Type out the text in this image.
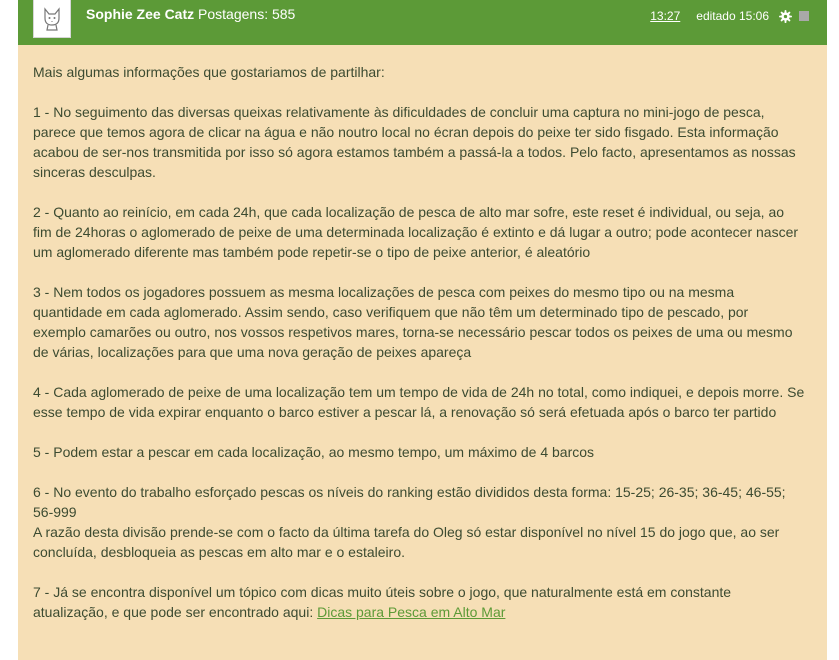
Sophie Zee Catz Postagens: 585	13:27 editado 15:06

Mais algumas informações que gostariamos de partilhar:

1 - No seguimento das diversas queixas relativamente às dificuldades de concluir uma captura no mini-jogo de pesca, parece que temos agora de clicar na água e não noutro local no écran depois do peixe ter sido fisgado. Esta informação acabou de ser-nos transmitida por isso só agora estamos também a passá-la a todos. Pelo facto, apresentamos as nossas sinceras desculpas.

2 - Quanto ao reinício, em cada 24h, que cada localização de pesca de alto mar sofre, este reset é individual, ou seja, ao fim de 24horas o aglomerado de peixe de uma determinada localização é extinto e dá lugar a outro; pode acontecer nascer um aglomerado diferente mas também pode repetir-se o tipo de peixe anterior, é aleatório

3 - Nem todos os jogadores possuem as mesma localizações de pesca com peixes do mesmo tipo ou na mesma quantidade em cada aglomerado. Assim sendo, caso verifiquem que não têm um determinado tipo de pescado, por exemplo camarões ou outro, nos vossos respetivos mares, torna-se necessário pescar todos os peixes de uma ou mesmo de várias, localizações para que uma nova geração de peixes apareça

4 - Cada aglomerado de peixe de uma localização tem um tempo de vida de 24h no total, como indiquei, e depois morre. Se esse tempo de vida expirar enquanto o barco estiver a pescar lá, a renovação só será efetuada após o barco ter partido

5 - Podem estar a pescar em cada localização, ao mesmo tempo, um máximo de 4 barcos

6 - No evento do trabalho esforçado pescas os níveis do ranking estão divididos desta forma: 15-25; 26-35; 36-45; 46-55; 56-999
A razão desta divisão prende-se com o facto da última tarefa do Oleg só estar disponível no nível 15 do jogo que, ao ser concluída, desbloqueia as pescas em alto mar e o estaleiro.

7 - Já se encontra disponível um tópico com dicas muito úteis sobre o jogo, que naturalmente está em constante atualização, e que pode ser encontrado aqui: Dicas para Pesca em Alto Mar
